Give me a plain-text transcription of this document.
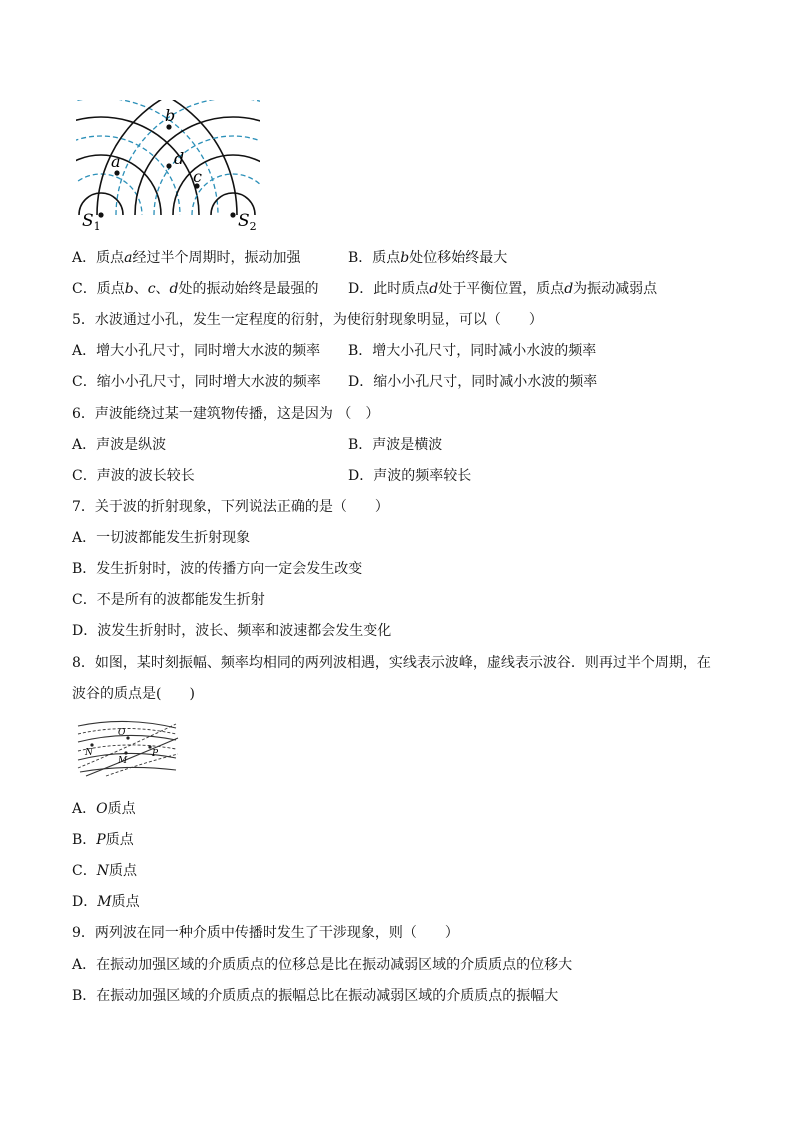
b
a	d
c
$S_1$	$S_2$
A．质点a经过半个周期时，振动加强	B．质点b处位移始终最大
C．质点b、c、d处的振动始终是最强的 D．此时质点d处于平衡位置，质点d为振动减弱点
5．水波通过小孔，发生一定程度的衍射，为使衍射现象明显，可以（　　）
A．增大小孔尺寸，同时增大水波的频率 B．增大小孔尺寸，同时减小水波的频率
C．缩小小孔尺寸，同时增大水波的频率 D．缩小小孔尺寸，同时减小水波的频率
6．声波能绕过某一建筑物传播，这是因为 （　）
A．声波是纵波	B．声波是横波
C．声波的波长较长	D．声波的频率较长
7．关于波的折射现象，下列说法正确的是（　　）
A．一切波都能发生折射现象
B．发生折射时，波的传播方向一定会发生改变
C．不是所有的波都能发生折射
D．波发生折射时，波长、频率和波速都会发生变化
8．如图，某时刻振幅、频率均相同的两列波相遇，实线表示波峰，虚线表示波谷．则再过半个周期，在
波谷的质点是(　　)
O
N
M
P
A．O质点
B．P质点
C．N质点
D．M质点
9．两列波在同一种介质中传播时发生了干涉现象，则（　　）
A．在振动加强区域的介质质点的位移总是比在振动减弱区域的介质质点的位移大
B．在振动加强区域的介质质点的振幅总比在振动减弱区域的介质质点的振幅大
